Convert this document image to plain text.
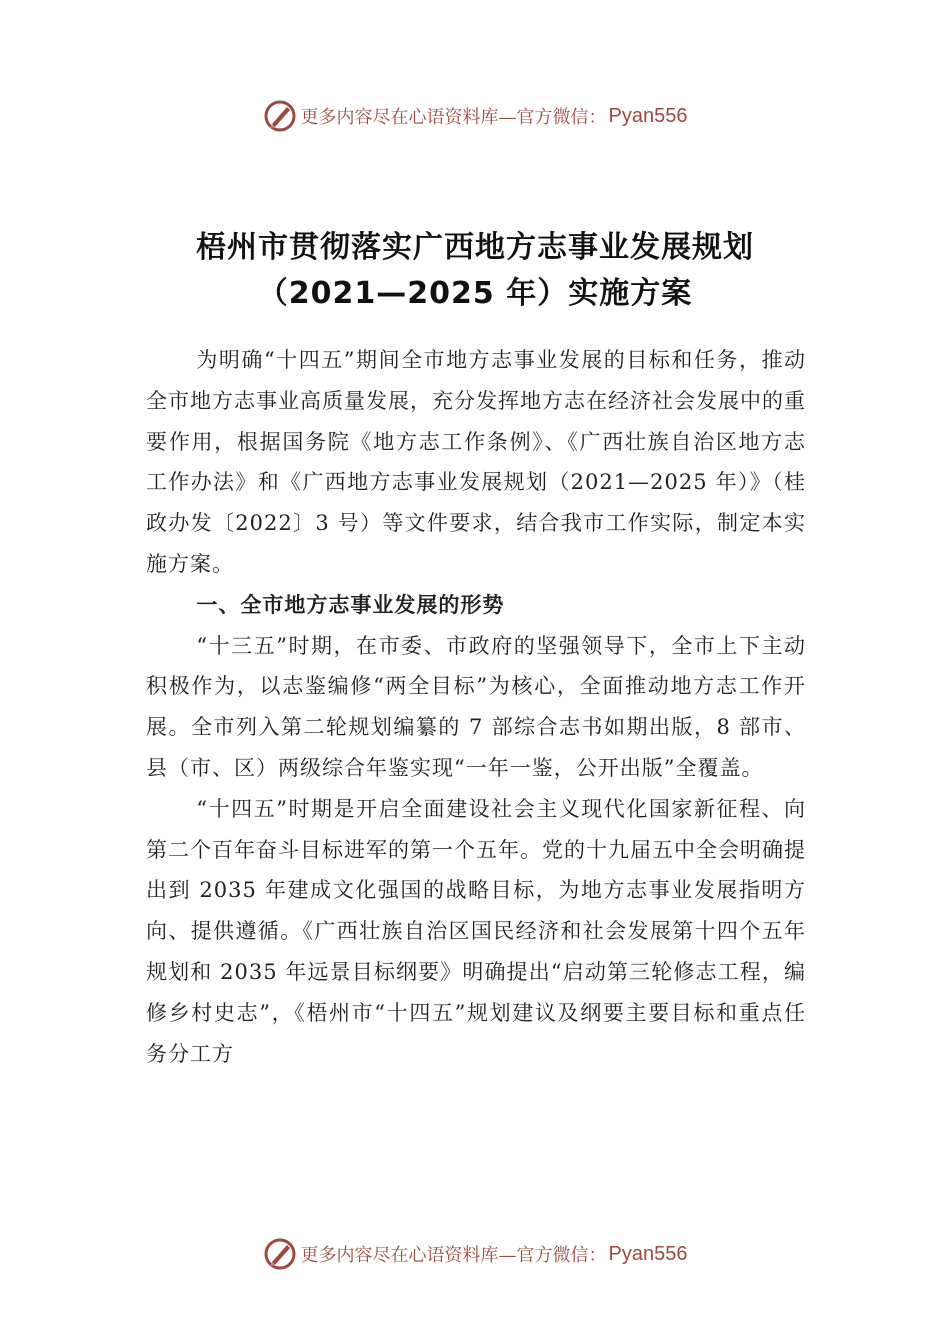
更多内容尽在心语资料库—官方微信： Pyan556
梧州市贯彻落实广西地方志事业发展规划
（2021—2025 年）实施方案

为明确“十四五”期间全市地方志事业发展的目标和任务，推动全市地方志事业高质量发展，充分发挥地方志在经济社会发展中的重要作用，根据国务院《地方志工作条例》、《广西壮族自治区地方志工作办法》和《广西地方志事业发展规划（2021—2025 年）》（桂政办发〔2022〕3 号）等文件要求，结合我市工作实际，制定本实施方案。

一、全市地方志事业发展的形势

“十三五”时期，在市委、市政府的坚强领导下，全市上下主动积极作为，以志鉴编修“两全目标”为核心，全面推动地方志工作开展。全市列入第二轮规划编纂的 7 部综合志书如期出版，8 部市、县（市、区）两级综合年鉴实现“一年一鉴，公开出版”全覆盖。

“十四五”时期是开启全面建设社会主义现代化国家新征程、向第二个百年奋斗目标进军的第一个五年。党的十九届五中全会明确提出到 2035 年建成文化强国的战略目标，为地方志事业发展指明方向、提供遵循。《广西壮族自治区国民经济和社会发展第十四个五年规划和 2035 年远景目标纲要》明确提出“启动第三轮修志工程，编修乡村史志”，《梧州市“十四五”规划建议及纲要主要目标和重点任务分工方

更多内容尽在心语资料库—官方微信： Pyan556
